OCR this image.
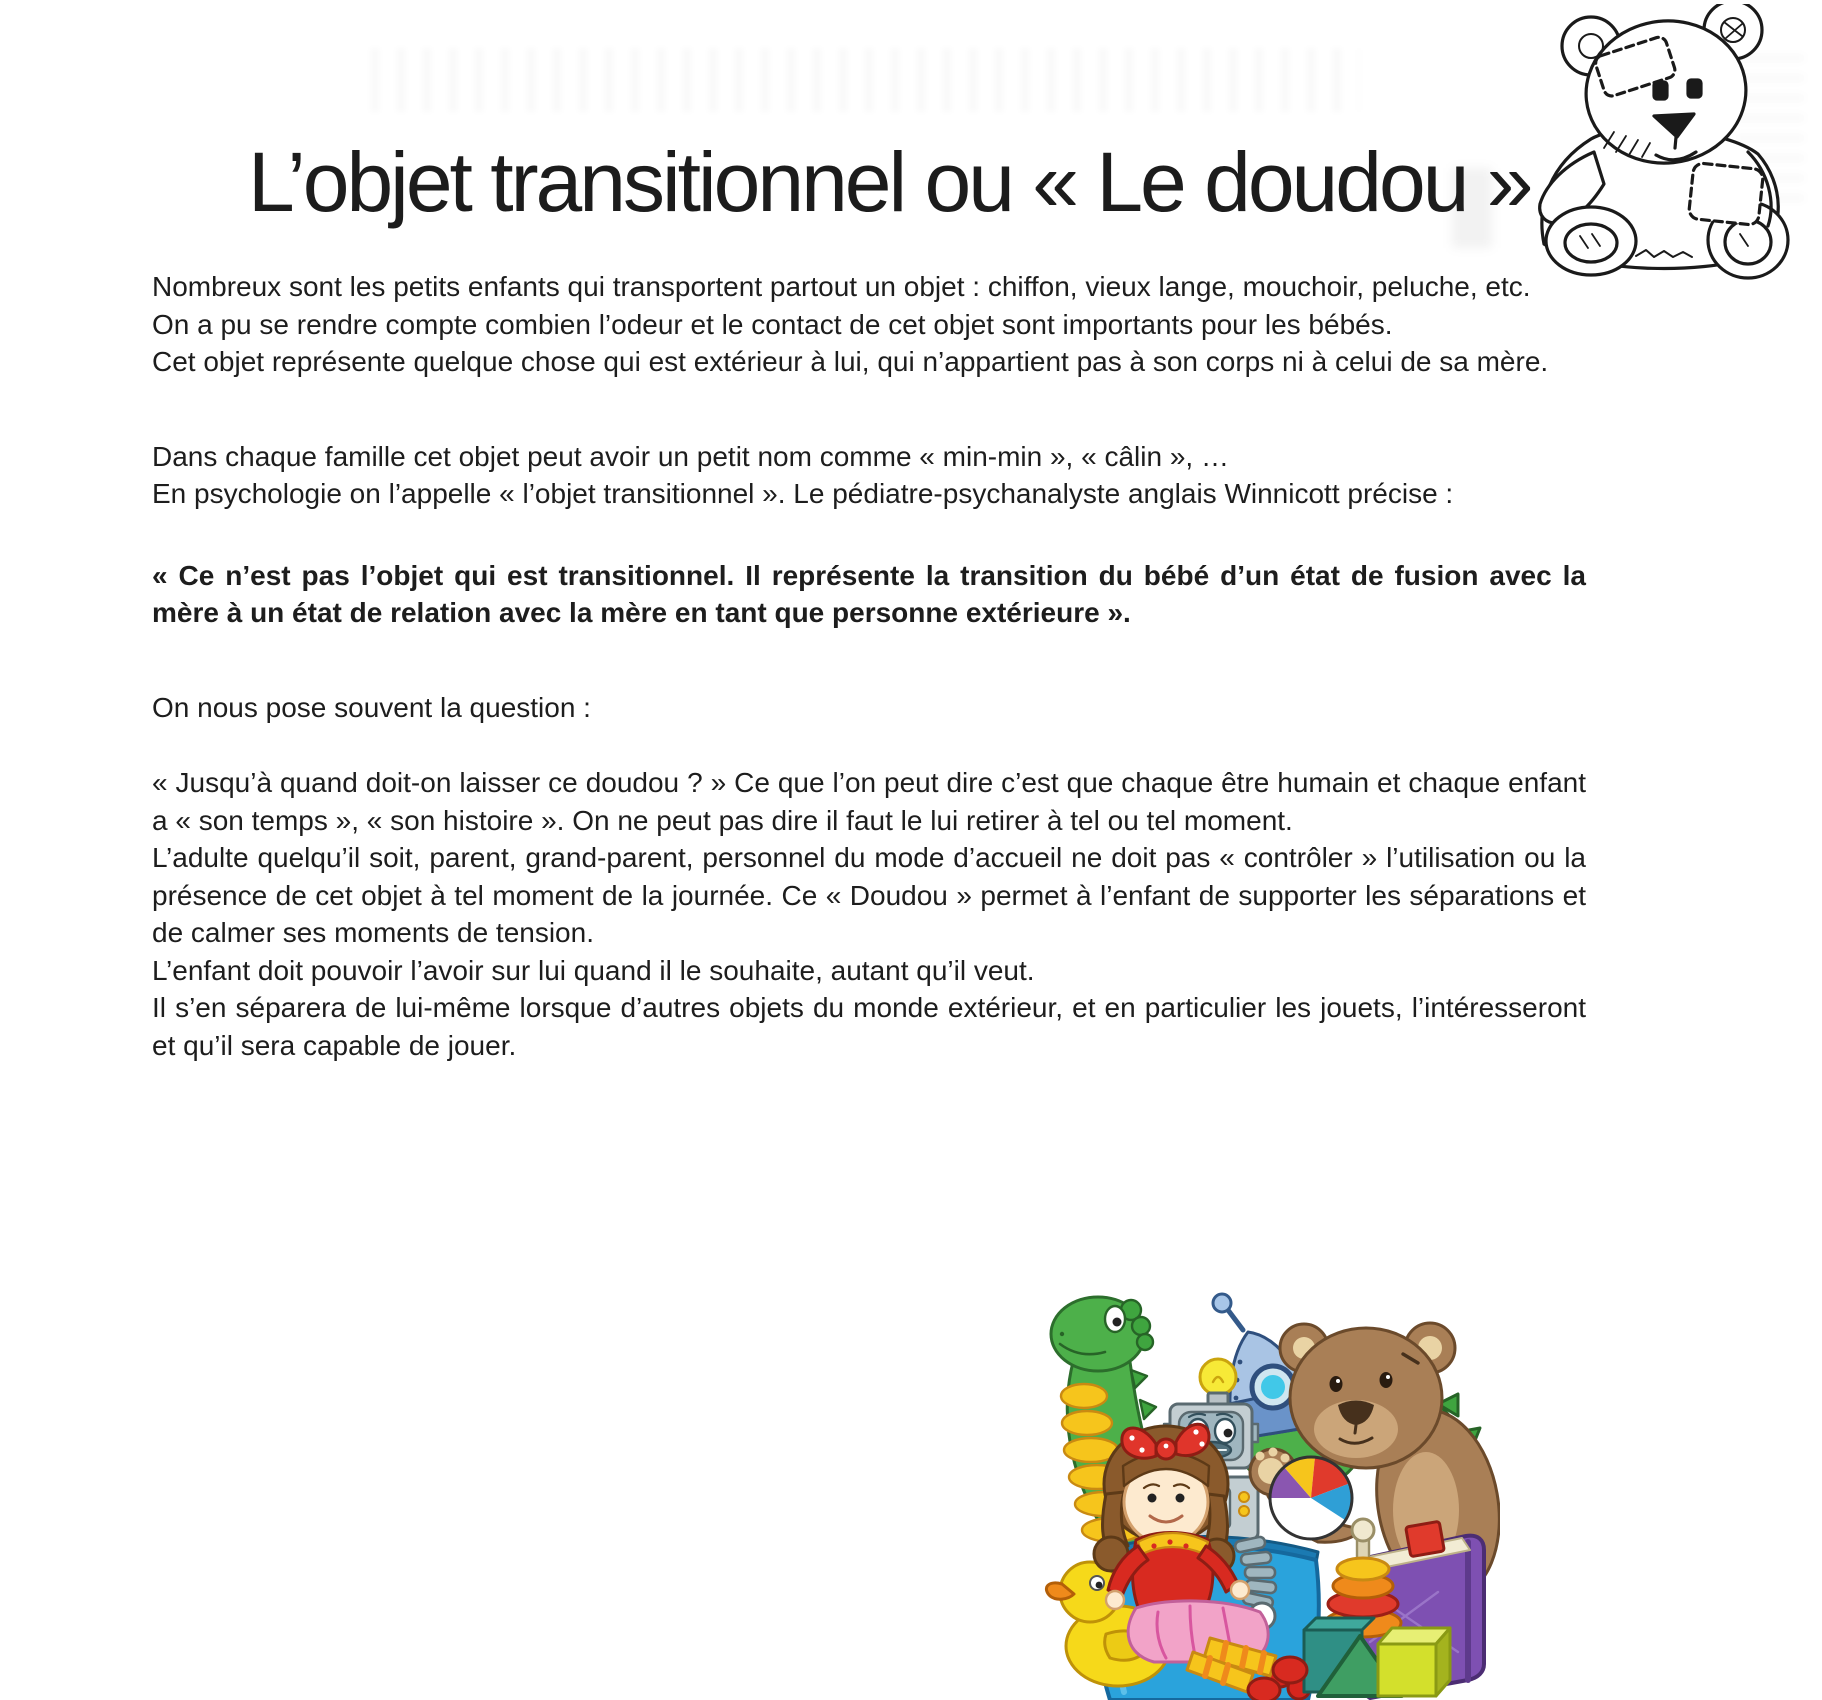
L’objet transitionnel ou « Le doudou »

Nombreux sont les petits enfants qui transportent partout un objet : chiffon, vieux lange, mouchoir, peluche, etc.

On a pu se rendre compte combien l’odeur et le contact de cet objet sont importants pour les bébés.

Cet objet représente quelque chose qui est extérieur à lui, qui n’appartient pas à son corps ni à celui de sa mère.

Dans chaque famille cet objet peut avoir un petit nom comme « min-min », « câlin », …

En psychologie on l’appelle « l’objet transitionnel ». Le pédiatre-psychanalyste anglais Winnicott précise :

« Ce n’est pas l’objet qui est transitionnel. Il représente la transition du bébé d’un état de fusion avec la mère à un état de relation avec la mère en tant que personne extérieure ».

On nous pose souvent la question :

« Jusqu’à quand doit-on laisser ce doudou ? » Ce que l’on peut dire c’est que chaque être humain et chaque enfant a « son temps », « son histoire ». On ne peut pas dire il faut le lui retirer à tel ou tel moment.

L’adulte quelqu’il soit, parent, grand-parent, personnel du mode d’accueil ne doit pas « contrôler » l’utilisation ou la présence de cet objet à tel moment de la journée. Ce « Doudou » permet à l’enfant de supporter les séparations et de calmer ses moments de tension.

L’enfant doit pouvoir l’avoir sur lui quand il le souhaite, autant qu’il veut.

Il s’en séparera de lui-même lorsque d’autres objets du monde extérieur, et en particulier les jouets, l’intéresseront et qu’il sera capable de jouer.
